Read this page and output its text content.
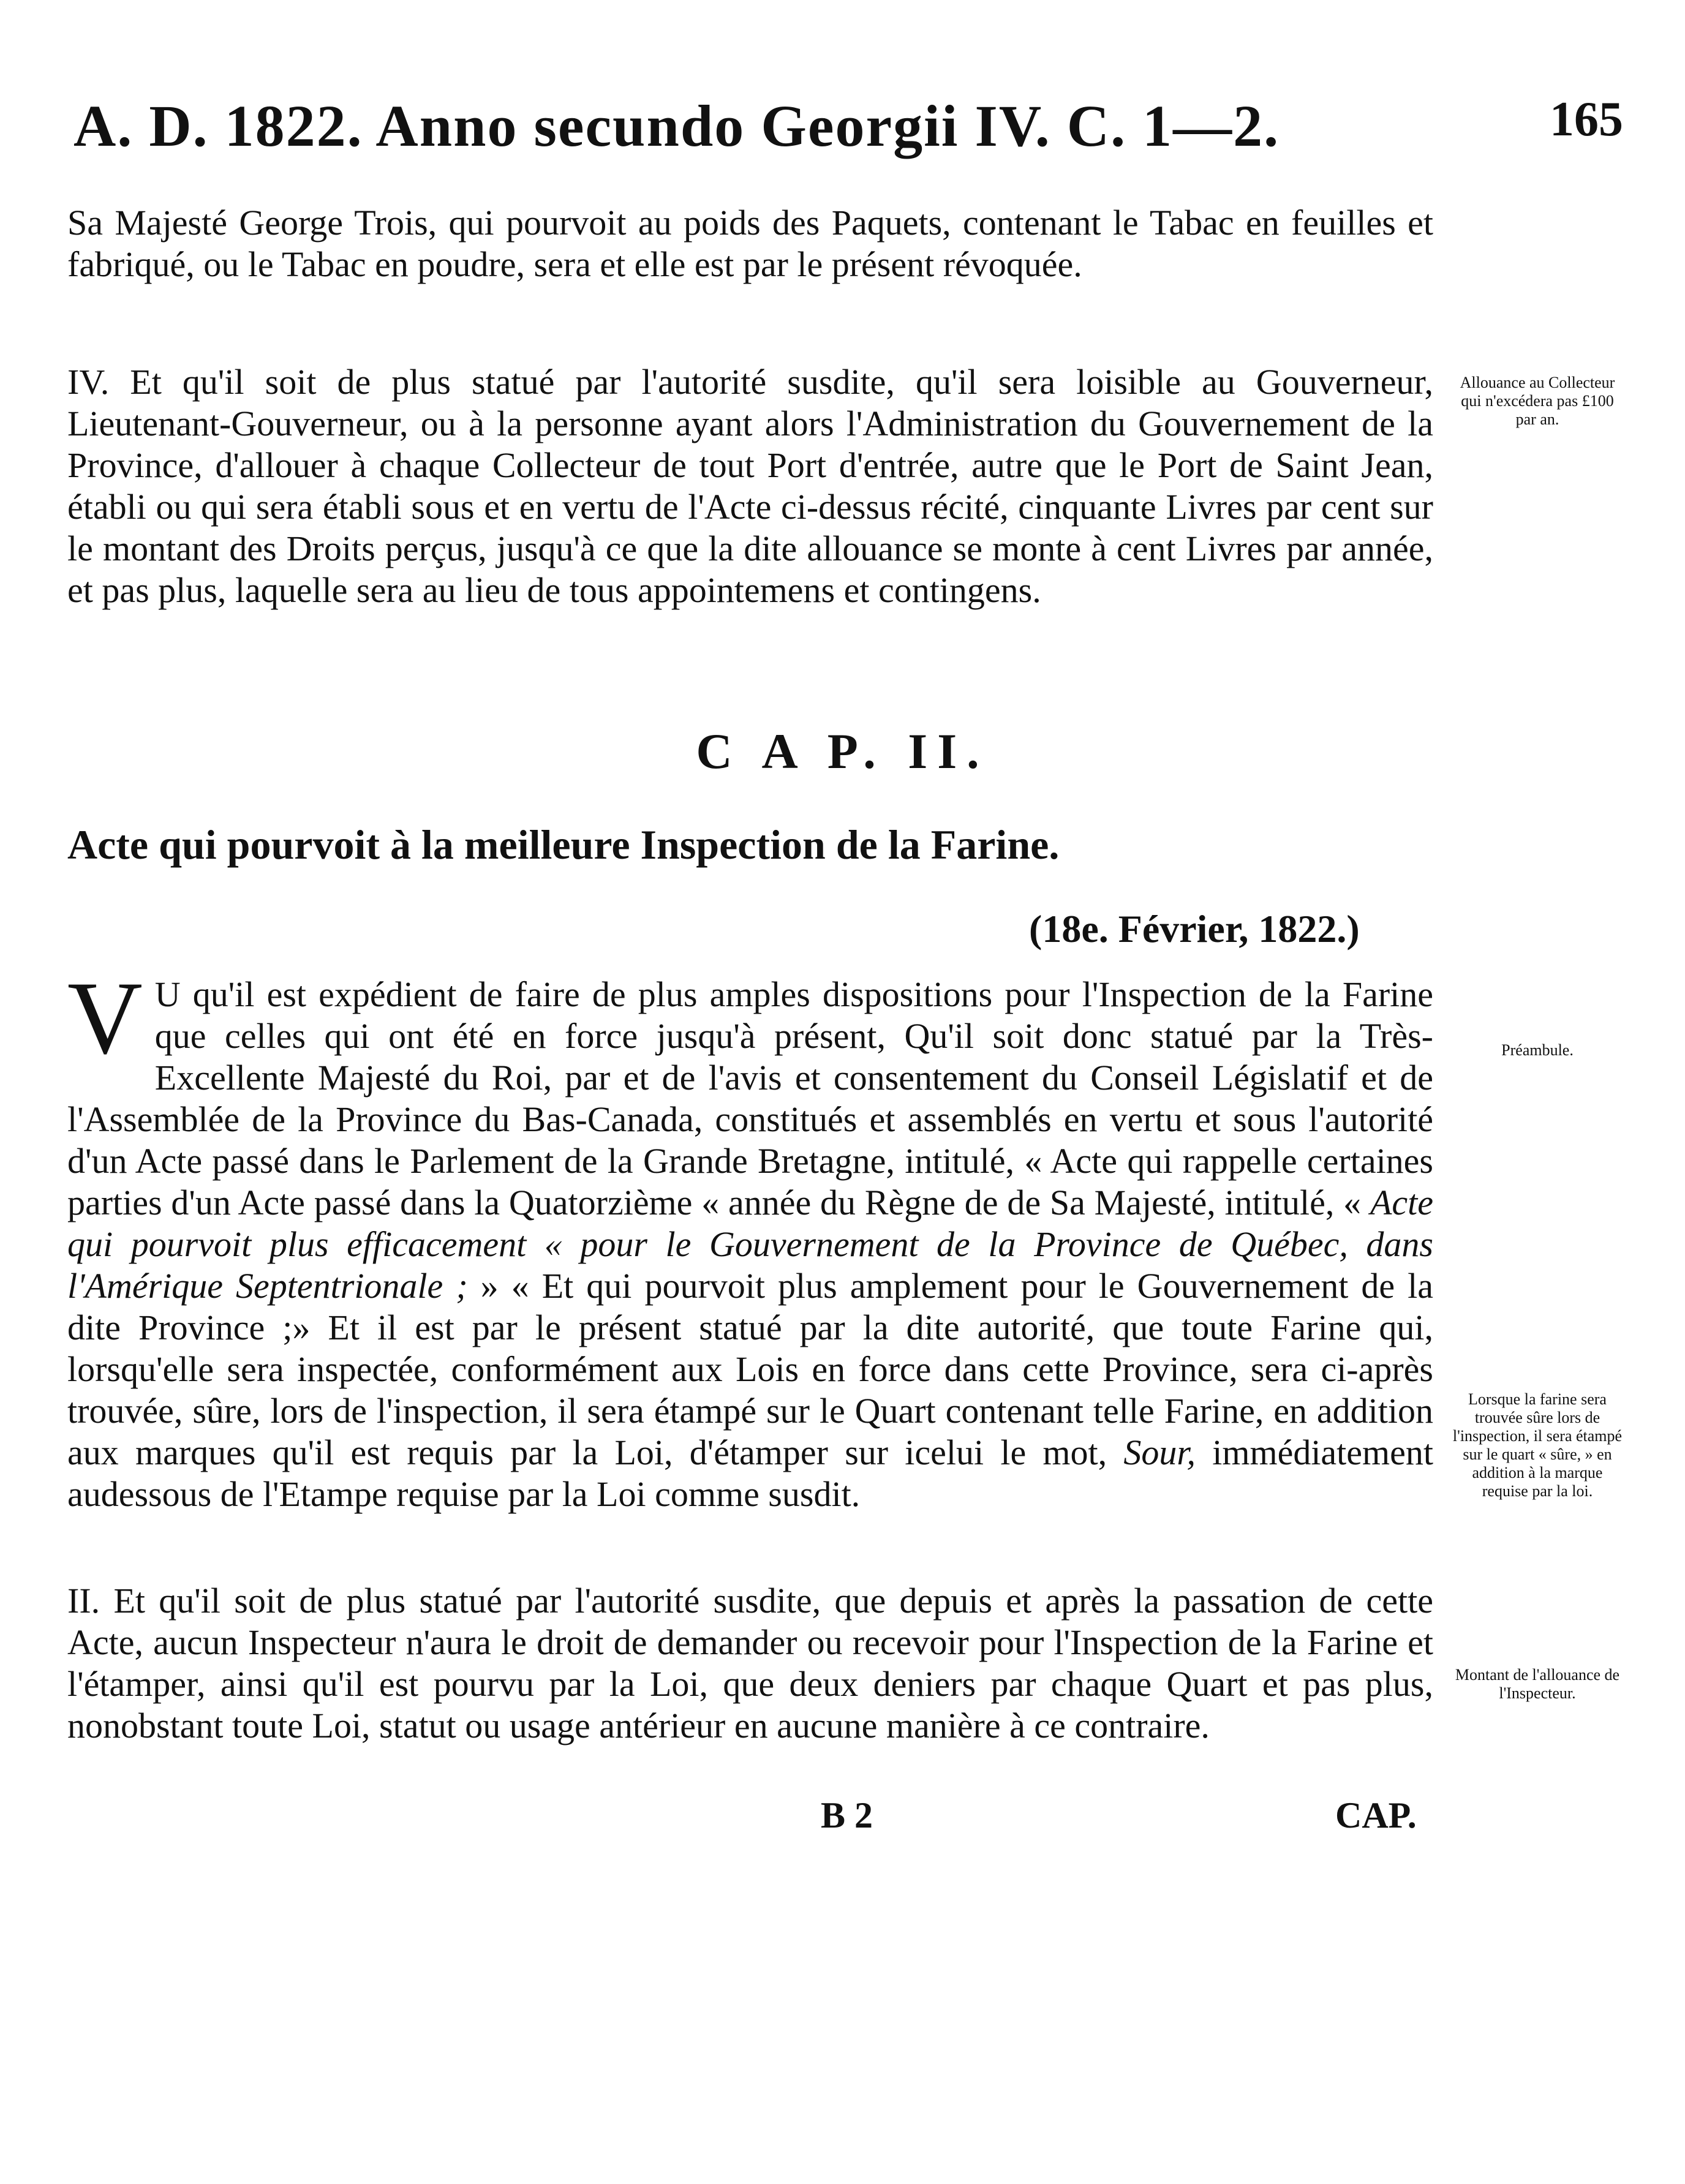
A. D. 1822. Anno secundo Georgii IV. C. 1—2.	165
Sa Majesté George Trois, qui pourvoit au poids des Paquets, contenant le Tabac en feuilles et fabriqué, ou le Tabac en poudre, sera et elle est par le présent révoquée.
IV. Et qu'il soit de plus statué par l'autorité susdite, qu'il sera loisible au Gouverneur, Lieutenant-Gouverneur, ou à la personne ayant alors l'Administration du Gouvernement de la Province, d'allouer à chaque Collecteur de tout Port d'entrée, autre que le Port de Saint Jean, établi ou qui sera établi sous et en vertu de l'Acte ci-dessus récité, cinquante Livres par cent sur le montant des Droits perçus, jusqu'à ce que la dite allouance se monte à cent Livres par année, et pas plus, laquelle sera au lieu de tous appointemens et contingens.
Allouance au Collecteur qui n'excédera pas £100 par an.
C A P. II.
Acte qui pourvoit à la meilleure Inspection de la Farine.
(18e. Février, 1822.)
V U qu'il est expédient de faire de plus amples dispositions pour l'Inspection de la Farine que celles qui ont été en force jusqu'à présent, Qu'il soit donc statué par la Très-Excellente Majesté du Roi, par et de l'avis et consentement du Conseil Législatif et de l'Assemblée de la Province du Bas-Canada, constitués et assemblés en vertu et sous l'autorité d'un Acte passé dans le Parlement de la Grande Bretagne, intitulé, « Acte qui rappelle certaines parties d'un Acte passé dans la Quatorzième « année du Règne de de Sa Majesté, intitulé, « Acte qui pourvoit plus efficacement « pour le Gouvernement de la Province de Québec, dans l'Amérique Septentrionale ; » « Et qui pourvoit plus amplement pour le Gouvernement de la dite Province ;» Et il est par le présent statué par la dite autorité, que toute Farine qui, lorsqu'elle sera inspectée, conformément aux Lois en force dans cette Province, sera ci-après trouvée, sûre, lors de l'inspection, il sera étampé sur le Quart contenant telle Farine, en addition aux marques qu'il est requis par la Loi, d'étamper sur icelui le mot, Sour, immédiatement audessous de l'Etampe requise par la Loi comme susdit.
Préambule.
Lorsque la farine sera trouvée sûre lors de l'inspection, il sera étampé sur le quart « sûre, » en addition à la marque requise par la loi.
II. Et qu'il soit de plus statué par l'autorité susdite, que depuis et après la passation de cette Acte, aucun Inspecteur n'aura le droit de demander ou recevoir pour l'Inspection de la Farine et l'étamper, ainsi qu'il est pourvu par la Loi, que deux deniers par chaque Quart et pas plus, nonobstant toute Loi, statut ou usage antérieur en aucune manière à ce contraire.
Montant de l'allouance de l'Inspecteur.
B 2	CAP.
